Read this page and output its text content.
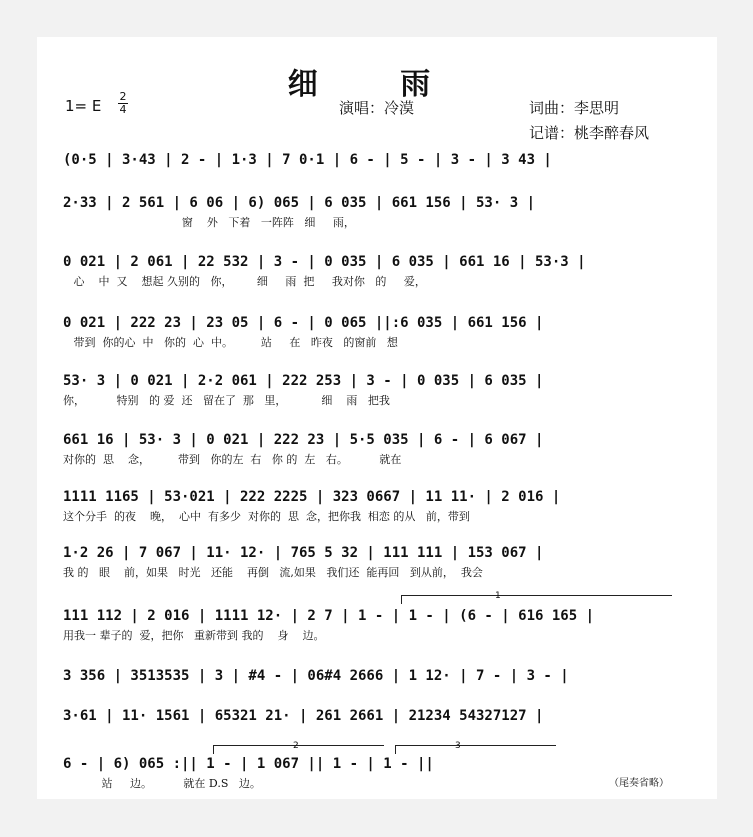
细 雨
1= E
2
4	演唱：冷漠	词曲：李思明
记谱：桃李醉春风
(0·5 | 3·43 | 2 - | 1·3 | 7 0·1 | 6 - | 5 - | 3 - | 3 43 |
2·33 | 2 561 | 6 06 | 6) 065 | 6 035 | 661 156 | 53· 3 |
窗    外   下着   一阵阵   细     雨，
0 021 | 2 061 | 22 532 | 3 - | 0 035 | 6 035 | 661 16 | 53·3 |
心    中  又    想起 久别的   你，       细     雨  把     我对你   的     爱，
0 021 | 222 23 | 23 05 | 6 - | 0 065 ||:6 035 | 661 156 |
带到  你的心  中   你的  心  中。        站     在   昨夜   的窗前   想
53· 3 | 0 021 | 2·2 061 | 222 253 | 3 - | 0 035 | 6 035 |
你，         特别   的 爱  还   留在了  那   里，          细    雨   把我
661 16 | 53· 3 | 0 021 | 222 23 | 5·5 035 | 6 - | 6 067 |
对你的  思    念，        带到   你的左  右   你 的  左   右。         就在
1111 1165 | 53·021 | 222 2225 | 323 0667 | 11 11· | 2 016 |
这个分手  的夜    晚，  心中  有多少  对你的  思  念，把你我  相恋 的从   前，带到
1·2 26 | 7 067 | 11· 12· | 765 5 32 | 111 111 | 153 067 |
我 的   眼    前，如果   时光   还能    再倒   流,如果   我们还  能再回   到从前，  我会
1
111 112 | 2 016 | 1111 12· | 2 7 | 1 - | 1 - | (6 - | 616 165 |
用我一 辈子的  爱，把你   重新带到 我的    身    边。
3 356 | 3513535 | 3 | #4 - | 06#4 2666 | 1 12· | 7 - | 3 - |
3·61 | 11· 1561 | 65321 21· | 261 2661 | 21234 54327127 |
2	3
6 - | 6) 065 :|| 1 - | 1 067 || 1 - | 1 - ||
站     边。         就在 D.S   边。	（尾奏省略）
